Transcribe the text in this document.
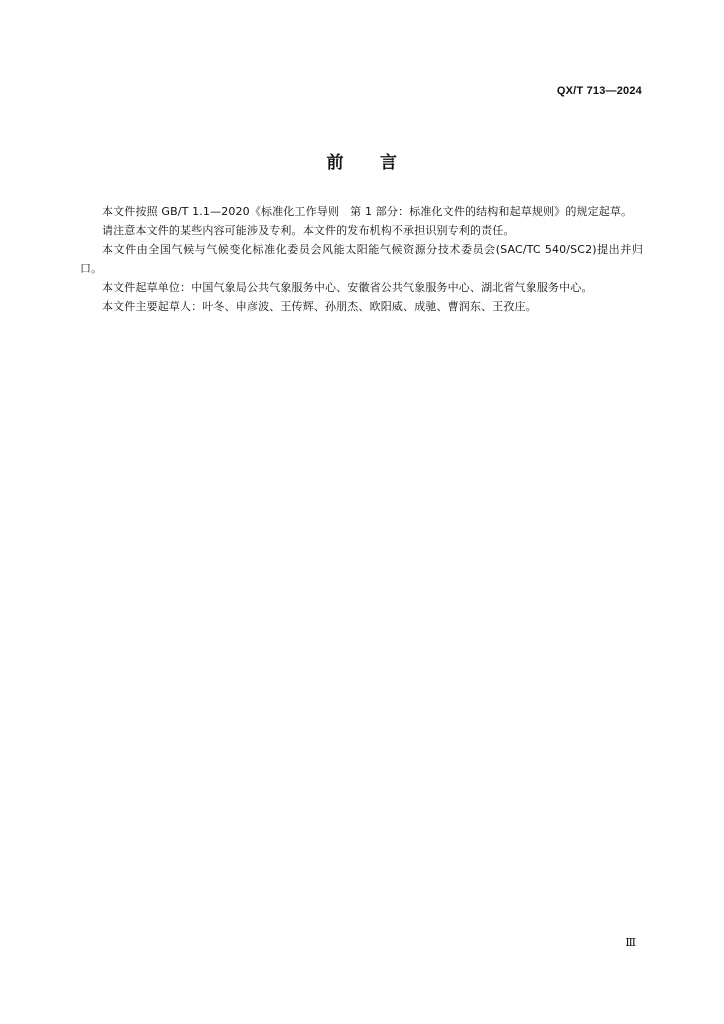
QX/T 713—2024
前 言

本文件按照 GB/T 1.1—2020《标准化工作导则　第 1 部分：标准化文件的结构和起草规则》的规定起草。

请注意本文件的某些内容可能涉及专利。本文件的发布机构不承担识别专利的责任。

本文件由全国气候与气候变化标准化委员会风能太阳能气候资源分技术委员会(SAC/TC 540/SC2)提出并归口。

本文件起草单位：中国气象局公共气象服务中心、安徽省公共气象服务中心、湖北省气象服务中心。

本文件主要起草人：叶冬、申彦波、王传辉、孙朋杰、欧阳威、成驰、曹润东、王孜庄。

Ⅲ
